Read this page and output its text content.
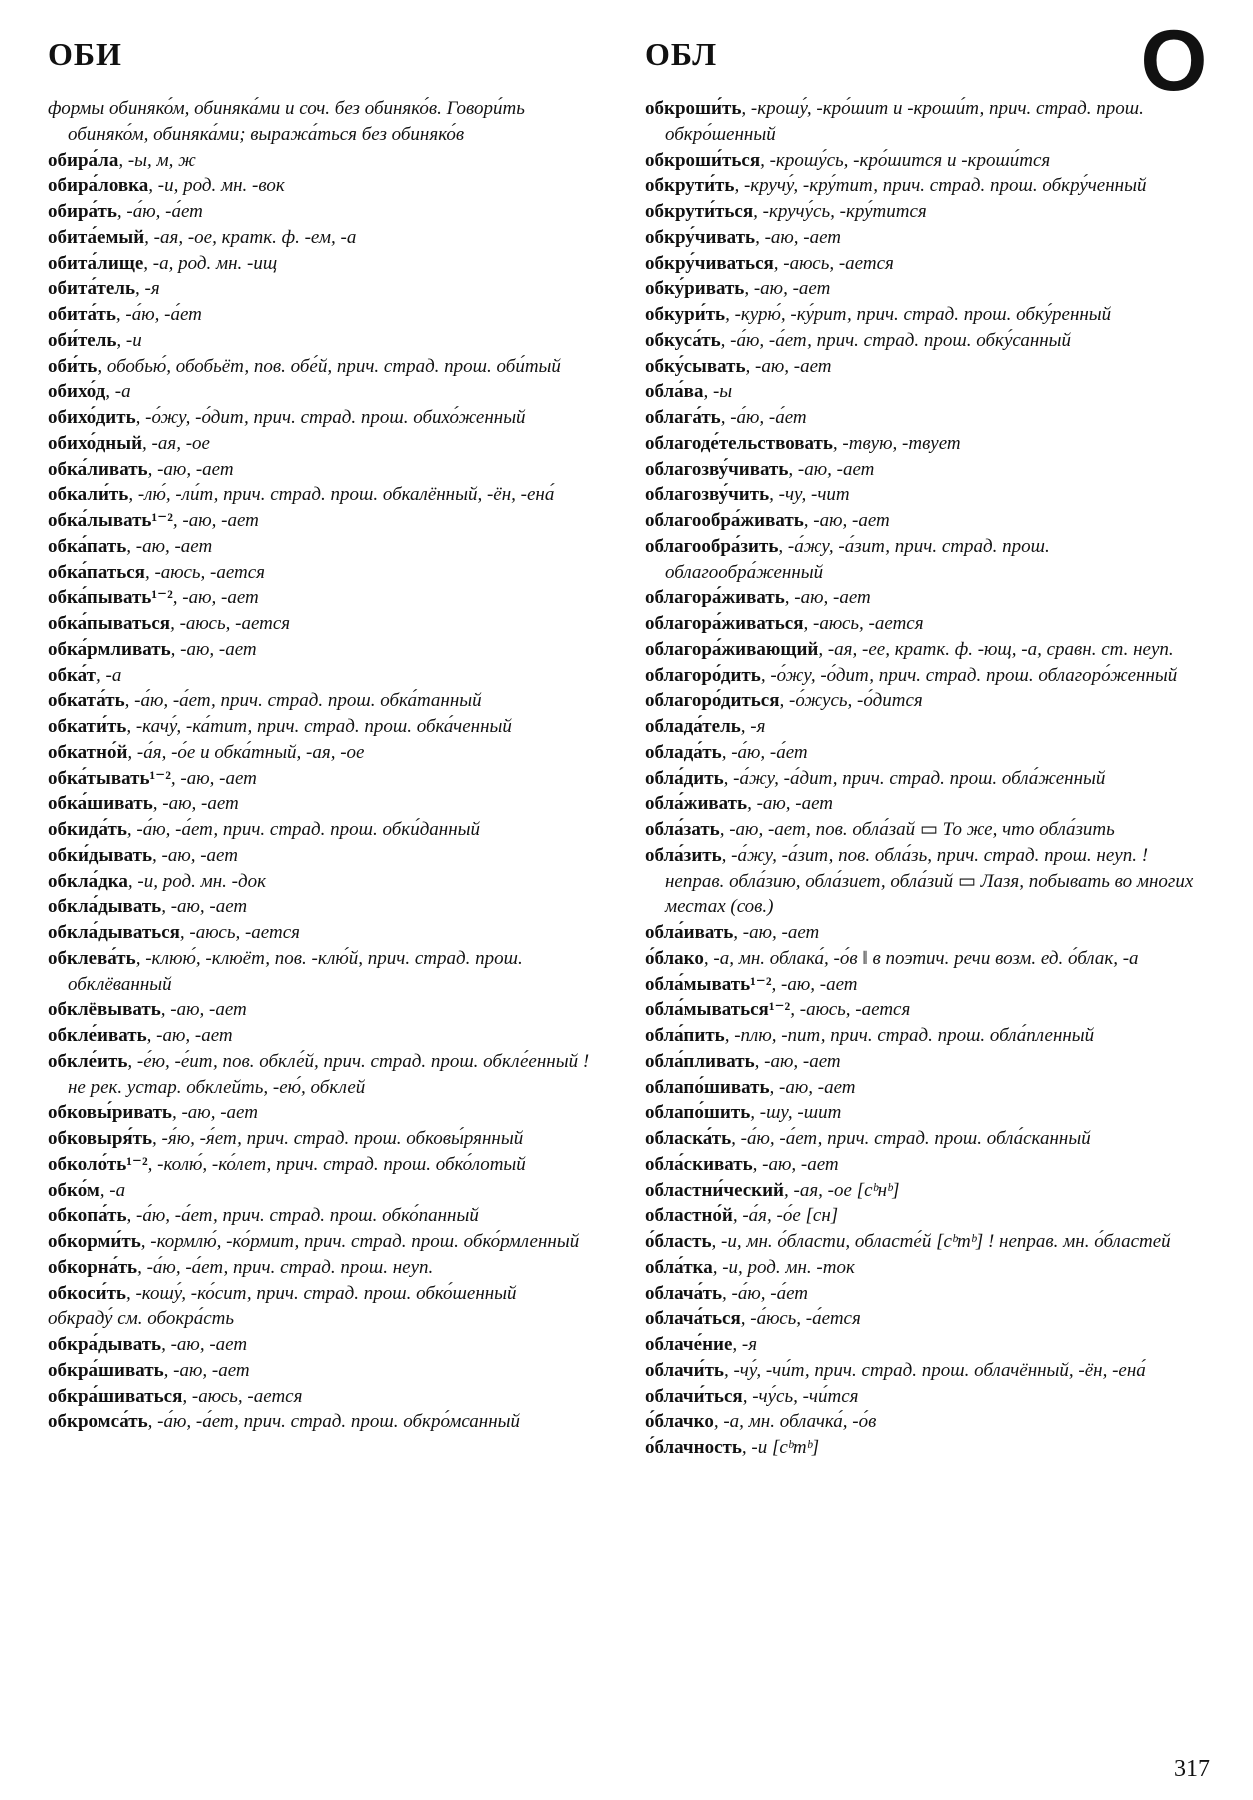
ОБИ	ОБЛ	О
формы обиняко́м, обиняка́ми и соч. без обиняко́в. Говори́ть обиняко́м, обиняка́ми; выража́ться без обиняко́в
обира́ла, -ы, м, ж
обира́ловка, -и, род. мн. -вок
обира́ть, -а́ю, -а́ет
обита́емый, -ая, -ое, кратк. ф. -ем, -а
обита́лище, -а, род. мн. -ищ
обита́тель, -я
обита́ть, -а́ю, -а́ет
оби́тель, -и
оби́ть, обобью́, обобьёт, пов. обе́й, прич. страд. прош. оби́тый
обихо́д, -а
обихо́дить, -о́жу, -о́дит, прич. страд. прош. обихо́женный
обихо́дный, -ая, -ое
обка́ливать, -аю, -ает
обкали́ть, -лю́, -ли́т, прич. страд. прош. обкалённый, -ён, -ена́
обка́лывать¹⁻², -аю, -ает
обка́пать, -аю, -ает
обка́паться, -аюсь, -ается
обка́пывать¹⁻², -аю, -ает
обка́пываться, -аюсь, -ается
обка́рмливать, -аю, -ает
обка́т, -а
обката́ть, -а́ю, -а́ет, прич. страд. прош. обка́танный
обкати́ть, -качу́, -ка́тит, прич. страд. прош. обка́ченный
обкатно́й, -а́я, -о́е и обка́тный, -ая, -ое
обка́тывать¹⁻², -аю, -ает
обка́шивать, -аю, -ает
обкида́ть, -а́ю, -а́ет, прич. страд. прош. обки́данный
обки́дывать, -аю, -ает
обкла́дка, -и, род. мн. -док
обкла́дывать, -аю, -ает
обкла́дываться, -аюсь, -ается
обклева́ть, -клюю́, -клюёт, пов. -клю́й, прич. страд. прош. обклёванный
обклёвывать, -аю, -ает
обкле́ивать, -аю, -ает
обкле́ить, -е́ю, -е́ит, пов. обкле́й, прич. страд. прош. обкле́енный ! не рек. устар. обклейть, -ею́, обклей
обковы́ривать, -аю, -ает
обковыря́ть, -я́ю, -я́ет, прич. страд. прош. обковы́рянный
обколо́ть¹⁻², -колю́, -ко́лет, прич. страд. прош. обко́лотый
обко́м, -а
обкопа́ть, -а́ю, -а́ет, прич. страд. прош. обко́панный
обкорми́ть, -кормлю́, -ко́рмит, прич. страд. прош. обко́рмленный
обкорна́ть, -а́ю, -а́ет, прич. страд. прош. неуп.
обкоси́ть, -кошу́, -ко́сит, прич. страд. прош. обко́шенный
обкраду́ см. обокра́сть
обкра́дывать, -аю, -ает
обкра́шивать, -аю, -ает
обкра́шиваться, -аюсь, -ается
обкромса́ть, -а́ю, -а́ет, прич. страд. прош. обкро́мсанный
обкроши́ть, -крошу́, -кро́шит и -кроши́т, прич. страд. прош. обкро́шенный
обкроши́ться, -крошу́сь, -кро́шится и -кроши́тся
обкрути́ть, -кручу́, -кру́тит, прич. страд. прош. обкру́ченный
обкрути́ться, -кручу́сь, -кру́тится
обкру́чивать, -аю, -ает
обкру́чиваться, -аюсь, -ается
обку́ривать, -аю, -ает
обкури́ть, -курю́, -ку́рит, прич. страд. прош. обку́ренный
обкуса́ть, -а́ю, -а́ет, прич. страд. прош. обку́санный
обку́сывать, -аю, -ает
обла́ва, -ы
облага́ть, -а́ю, -а́ет
облагоде́тельствовать, -твую, -твует
облагозву́чивать, -аю, -ает
облагозву́чить, -чу, -чит
облагообра́живать, -аю, -ает
облагообра́зить, -а́жу, -а́зит, прич. страд. прош. облагообра́женный
облагора́живать, -аю, -ает
облагора́живаться, -аюсь, -ается
облагора́живающий, -ая, -ее, кратк. ф. -ющ, -а, сравн. ст. неуп.
облагоро́дить, -о́жу, -о́дит, прич. страд. прош. облагоро́женный
облагоро́диться, -о́жусь, -о́дится
облада́тель, -я
облада́ть, -а́ю, -а́ет
обла́дить, -а́жу, -а́дит, прич. страд. прош. обла́женный
обла́живать, -аю, -ает
обла́зать, -аю, -ает, пов. обла́зай ▭ То же, что обла́зить
обла́зить, -а́жу, -а́зит, пов. обла́зь, прич. страд. прош. неуп. ! неправ. обла́зию, обла́зиет, обла́зий ▭ Лазя, побывать во многих местах (сов.)
обла́ивать, -аю, -ает
о́блако, -а, мн. облака́, -о́в ‖ в поэтич. речи возм. ед. о́блак, -а
обла́мывать¹⁻², -аю, -ает
обла́мываться¹⁻², -аюсь, -ается
обла́пить, -плю, -пит, прич. страд. прош. обла́пленный
обла́пливать, -аю, -ает
облапо́шивать, -аю, -ает
облапо́шить, -шу, -шит
обласка́ть, -а́ю, -а́ет, прич. страд. прош. обла́сканный
обла́скивать, -аю, -ает
областни́ческий, -ая, -ое [сᵇнᵇ]
областно́й, -а́я, -о́е [сн]
о́бласть, -и, мн. о́бласти, областе́й [сᵇтᵇ] ! неправ. мн. о́бластей
обла́тка, -и, род. мн. -ток
облача́ть, -а́ю, -а́ет
облача́ться, -а́юсь, -а́ется
облаче́ние, -я
облачи́ть, -чу́, -чи́т, прич. страд. прош. облачённый, -ён, -ена́
облачи́ться, -чу́сь, -чи́тся
о́блачко, -а, мн. облачка́, -о́в
о́блачность, -и [сᵇтᵇ]
317
